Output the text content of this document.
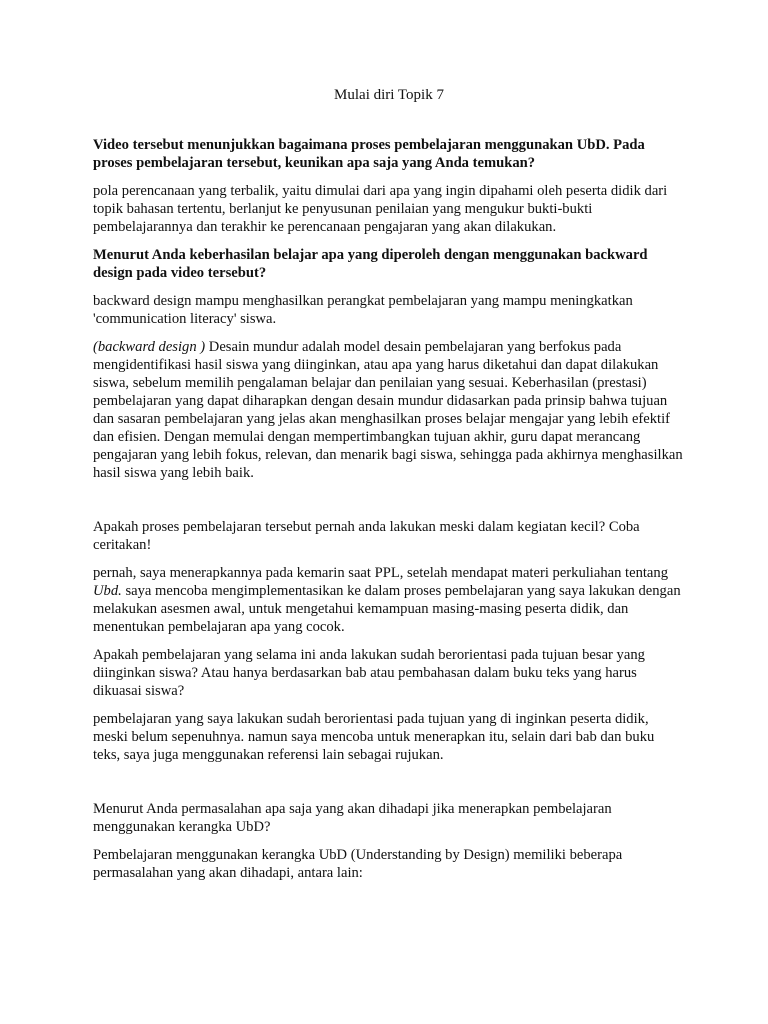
Mulai diri Topik 7

Video tersebut menunjukkan bagaimana proses pembelajaran menggunakan UbD. Pada proses pembelajaran tersebut, keunikan apa saja yang Anda temukan?

pola perencanaan yang terbalik, yaitu dimulai dari apa yang ingin dipahami oleh peserta didik dari topik bahasan tertentu, berlanjut ke penyusunan penilaian yang mengukur bukti-bukti pembelajarannya dan terakhir ke perencanaan pengajaran yang akan dilakukan.

Menurut Anda keberhasilan belajar apa yang diperoleh dengan menggunakan backward design pada video tersebut?

backward design mampu menghasilkan perangkat pembelajaran yang mampu meningkatkan 'communication literacy' siswa.

(backward design ) Desain mundur adalah model desain pembelajaran yang berfokus pada mengidentifikasi hasil siswa yang diinginkan, atau apa yang harus diketahui dan dapat dilakukan siswa, sebelum memilih pengalaman belajar dan penilaian yang sesuai. Keberhasilan (prestasi) pembelajaran yang dapat diharapkan dengan desain mundur didasarkan pada prinsip bahwa tujuan dan sasaran pembelajaran yang jelas akan menghasilkan proses belajar mengajar yang lebih efektif dan efisien. Dengan memulai dengan mempertimbangkan tujuan akhir, guru dapat merancang pengajaran yang lebih fokus, relevan, dan menarik bagi siswa, sehingga pada akhirnya menghasilkan hasil siswa yang lebih baik.

Apakah proses pembelajaran tersebut pernah anda lakukan meski dalam kegiatan kecil? Coba ceritakan!

pernah, saya menerapkannya pada kemarin saat PPL, setelah mendapat materi perkuliahan tentang Ubd. saya mencoba mengimplementasikan ke dalam proses pembelajaran yang saya lakukan dengan melakukan asesmen awal, untuk mengetahui kemampuan masing-masing peserta didik, dan menentukan pembelajaran apa yang cocok.

Apakah pembelajaran yang selama ini anda lakukan sudah berorientasi pada tujuan besar yang diinginkan siswa? Atau hanya berdasarkan bab atau pembahasan dalam buku teks yang harus dikuasai siswa?

pembelajaran yang saya lakukan sudah berorientasi pada tujuan yang di inginkan peserta didik, meski belum sepenuhnya. namun saya mencoba untuk menerapkan itu, selain dari bab dan buku teks, saya juga menggunakan referensi lain sebagai rujukan.

Menurut Anda permasalahan apa saja yang akan dihadapi jika menerapkan pembelajaran menggunakan kerangka UbD?

Pembelajaran menggunakan kerangka UbD (Understanding by Design) memiliki beberapa permasalahan yang akan dihadapi, antara lain:
